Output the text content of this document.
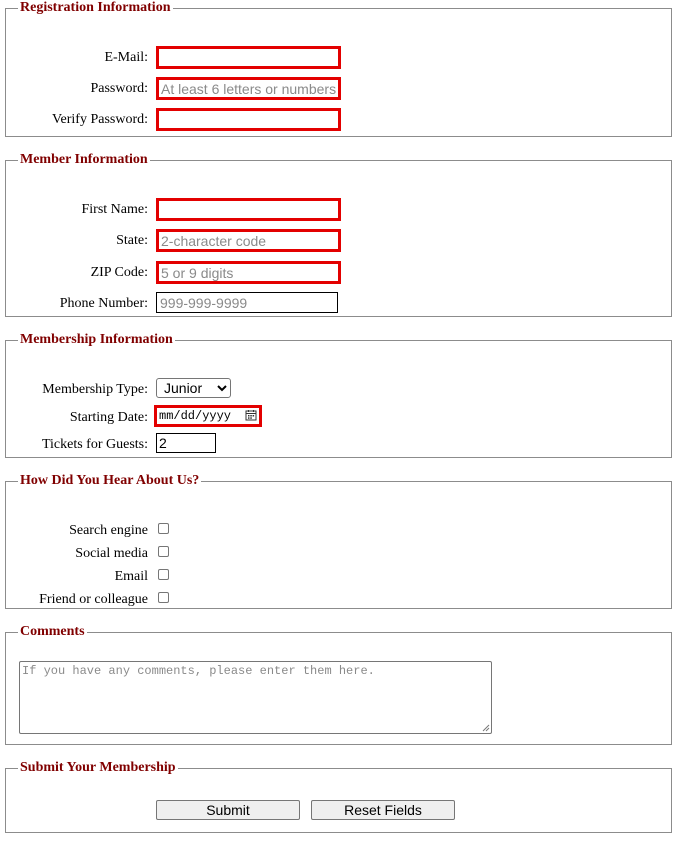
Registration Information
E-Mail:
Password:
At least 6 letters or numbers
Verify Password:
Member Information
First Name:
State:
2-character code
ZIP Code:
5 or 9 digits
Phone Number:
999-999-9999
Membership Information
Membership Type:
Junior
Starting Date: mm/dd/yyyy
Tickets for Guests:
2
How Did You Hear About Us?
Search engine
Social media
Email
Friend or colleague
Comments
If you have any comments, please enter them here.
Submit Your Membership
Submit	Reset Fields
